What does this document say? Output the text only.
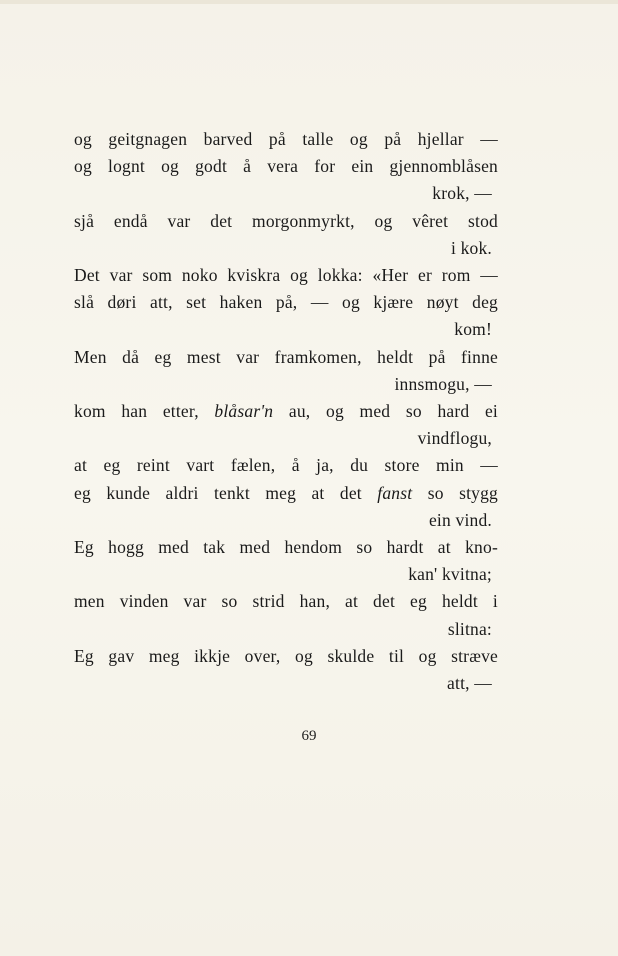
og geitgnagen barved på talle og på hjellar —
og lognt og godt å vera for ein gjennomblåsen
krok, —
sjå endå var det morgonmyrkt, og vêret stod
i kok.
Det var som noko kviskra og lokka: «Her er rom —
slå døri att, set haken på, — og kjære nøyt deg
kom!
Men då eg mest var framkomen, heldt på finne
innsmogu, —
kom han etter, blåsar'n au, og med so hard ei
vindflogu,
at eg reint vart fælen, å ja, du store min —
eg kunde aldri tenkt meg at det fanst so stygg
ein vind.
Eg hogg med tak med hendom so hardt at kno-
kan' kvitna;
men vinden var so strid han, at det eg heldt i
slitna:
Eg gav meg ikkje over, og skulde til og stræve
att, —
69
